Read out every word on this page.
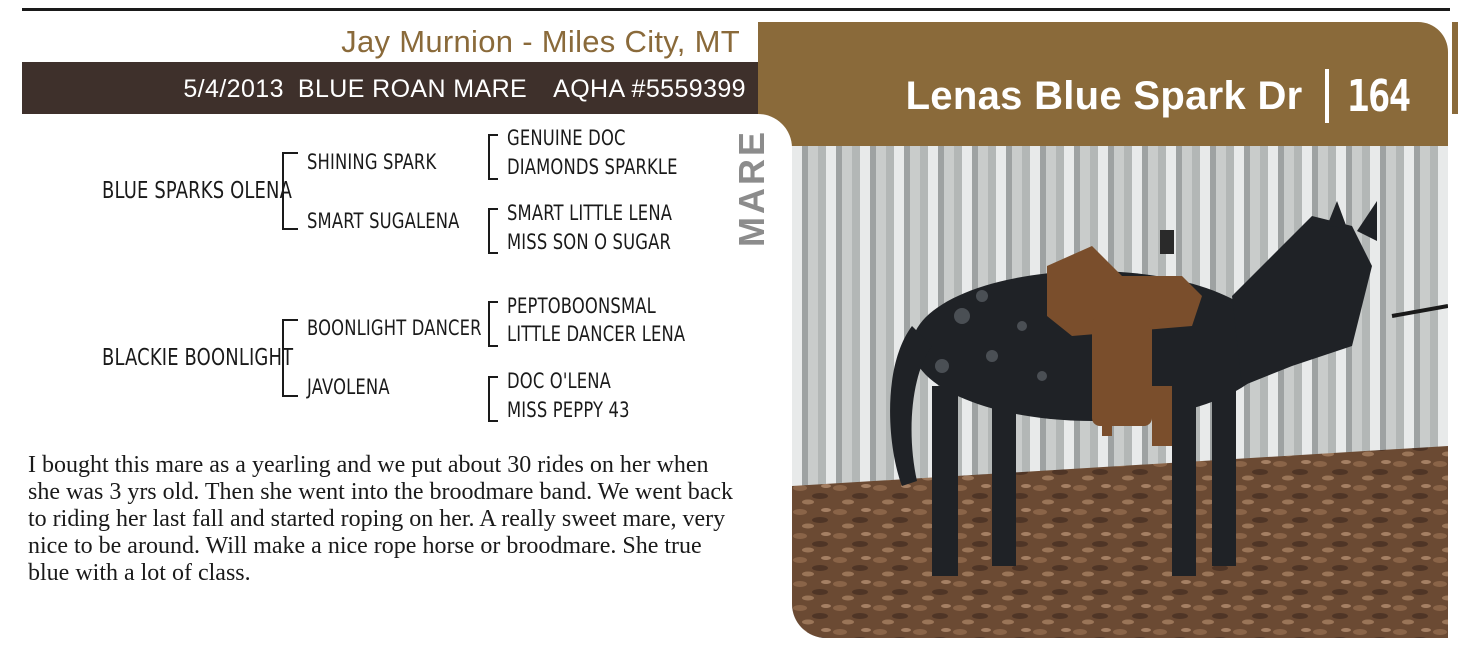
Jay Murnion - Miles City, MT
5/4/2013 BLUE ROAN MARE AQHA #5559399	Lenas Blue Spark Dr 164
MARE
BLUE SPARKS OLENA
SHINING SPARK
SMART SUGALENA
GENUINE DOC
DIAMONDS SPARKLE
SMART LITTLE LENA
MISS SON O SUGAR
BLACKIE BOONLIGHT
BOONLIGHT DANCER
JAVOLENA
PEPTOBOONSMAL
LITTLE DANCER LENA
DOC O'LENA
MISS PEPPY 43
I bought this mare as a yearling and we put about 30 rides on her when she was 3 yrs old. Then she went into the broodmare band. We went back to riding her last fall and started roping on her. A really sweet mare, very nice to be around. Will make a nice rope horse or broodmare. She true blue with a lot of class.
